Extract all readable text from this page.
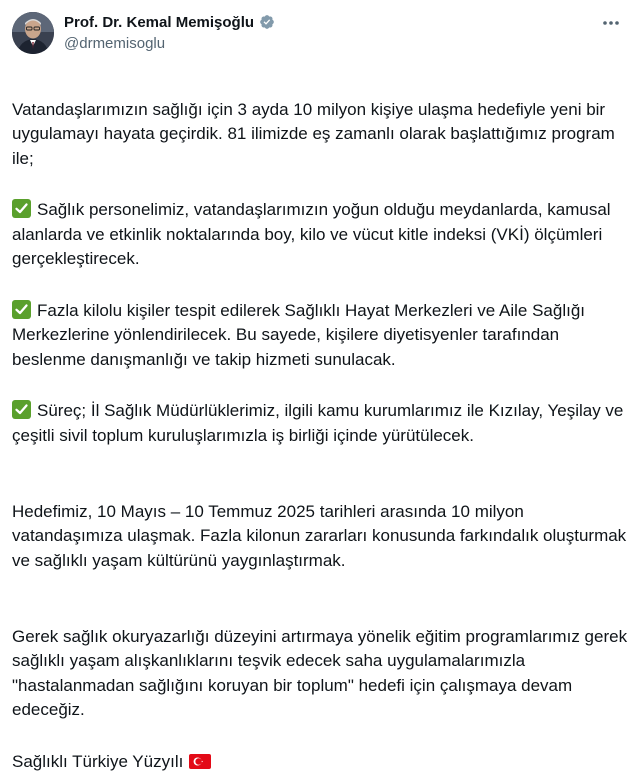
Prof. Dr. Kemal Memişoğlu
@drmemisoglu

Vatandaşlarımızın sağlığı için 3 ayda 10 milyon kişiye ulaşma hedefiyle yeni bir uygulamayı hayata geçirdik. 81 ilimizde eş zamanlı olarak başlattığımız program ile;

Sağlık personelimiz, vatandaşlarımızın yoğun olduğu meydanlarda, kamusal alanlarda ve etkinlik noktalarında boy, kilo ve vücut kitle indeksi (VKİ) ölçümleri gerçekleştirecek.

Fazla kilolu kişiler tespit edilerek Sağlıklı Hayat Merkezleri ve Aile Sağlığı Merkezlerine yönlendirilecek. Bu sayede, kişilere diyetisyenler tarafından beslenme danışmanlığı ve takip hizmeti sunulacak.

Süreç; İl Sağlık Müdürlüklerimiz, ilgili kamu kurumlarımız ile Kızılay, Yeşilay ve çeşitli sivil toplum kuruluşlarımızla iş birliği içinde yürütülecek.

Hedefimiz, 10 Mayıs – 10 Temmuz 2025 tarihleri arasında 10 milyon vatandaşımıza ulaşmak. Fazla kilonun zararları konusunda farkındalık oluşturmak ve sağlıklı yaşam kültürünü yaygınlaştırmak.

Gerek sağlık okuryazarlığı düzeyini artırmaya yönelik eğitim programlarımız gerek sağlıklı yaşam alışkanlıklarını teşvik edecek saha uygulamalarımızla "hastalanmadan sağlığını koruyan bir toplum" hedefi için çalışmaya devam edeceğiz.

Sağlıklı Türkiye Yüzyılı
